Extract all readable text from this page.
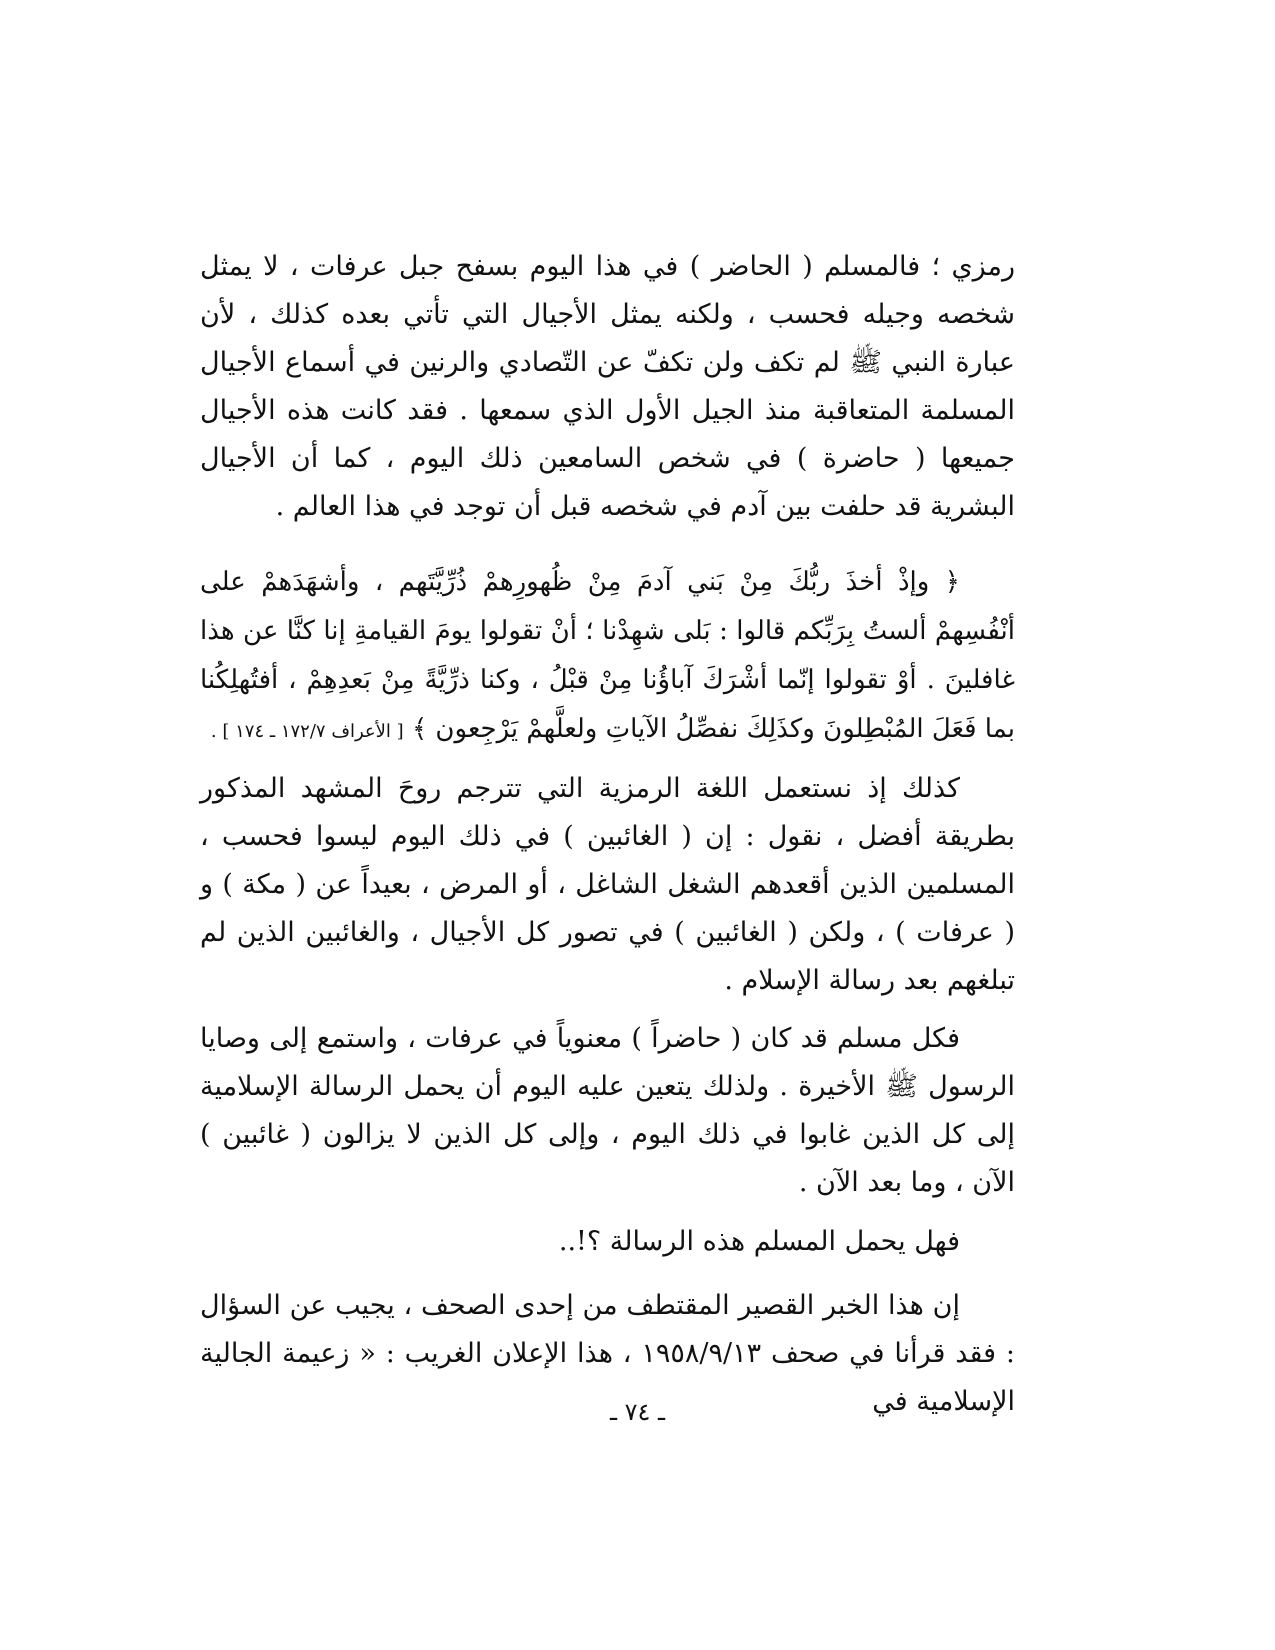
رمزي ؛ فالمسلم ( الحاضر ) في هذا اليوم بسفح جبل عرفات ، لا يمثل شخصه وجيله فحسب ، ولكنه يمثل الأجيال التي تأتي بعده كذلك ، لأن عبارة النبي ﷺ لم تكف ولن تكفّ عن التّصادي والرنين في أسماع الأجيال المسلمة المتعاقبة منذ الجيل الأول الذي سمعها . فقد كانت هذه الأجيال جميعها ( حاضرة ) في شخص السامعين ذلك اليوم ، كما أن الأجيال البشرية قد حلفت بين آدم في شخصه قبل أن توجد في هذا العالم .

﴿ وإذْ أخذَ ربُّكَ مِنْ بَني آدمَ مِنْ ظُهورِهمْ ذُرِّيَّتَهم ، وأشهَدَهمْ على أنْفُسِهمْ ألستُ بِرَبِّكم قالوا : بَلى شهِدْنا ؛ أنْ تقولوا يومَ القيامةِ إنا كنَّا عن هذا غافلينَ . أوْ تقولوا إنّما أشْرَكَ آباؤُنا مِنْ قبْلُ ، وكنا ذرِّيَّةً مِنْ بَعدِهِمْ ، أفتُهلِكُنا بما فَعَلَ المُبْطِلونَ وكذَلِكَ نفصِّلُ الآياتِ ولعلَّهمْ يَرْجِعون ﴾ [ الأعراف ١٧٢/٧ ـ ١٧٤ ] .

كذلك إذ نستعمل اللغة الرمزية التي تترجم روحَ المشهد المذكور بطريقة أفضل ، نقول : إن ( الغائبين ) في ذلك اليوم ليسوا فحسب ، المسلمين الذين أقعدهم الشغل الشاغل ، أو المرض ، بعيداً عن ( مكة ) و ( عرفات ) ، ولكن ( الغائبين ) في تصور كل الأجيال ، والغائبين الذين لم تبلغهم بعد رسالة الإسلام .

فكل مسلم قد كان ( حاضراً ) معنوياً في عرفات ، واستمع إلى وصايا الرسول ﷺ الأخيرة . ولذلك يتعين عليه اليوم أن يحمل الرسالة الإسلامية إلى كل الذين غابوا في ذلك اليوم ، وإلى كل الذين لا يزالون ( غائبين ) الآن ، وما بعد الآن .

فهل يحمل المسلم هذه الرسالة ؟!..

إن هذا الخبر القصير المقتطف من إحدى الصحف ، يجيب عن السؤال : فقد قرأنا في صحف ١٩٥٨/٩/١٣ ، هذا الإعلان الغريب : « زعيمة الجالية الإسلامية في

ـ ٧٤ ـ
